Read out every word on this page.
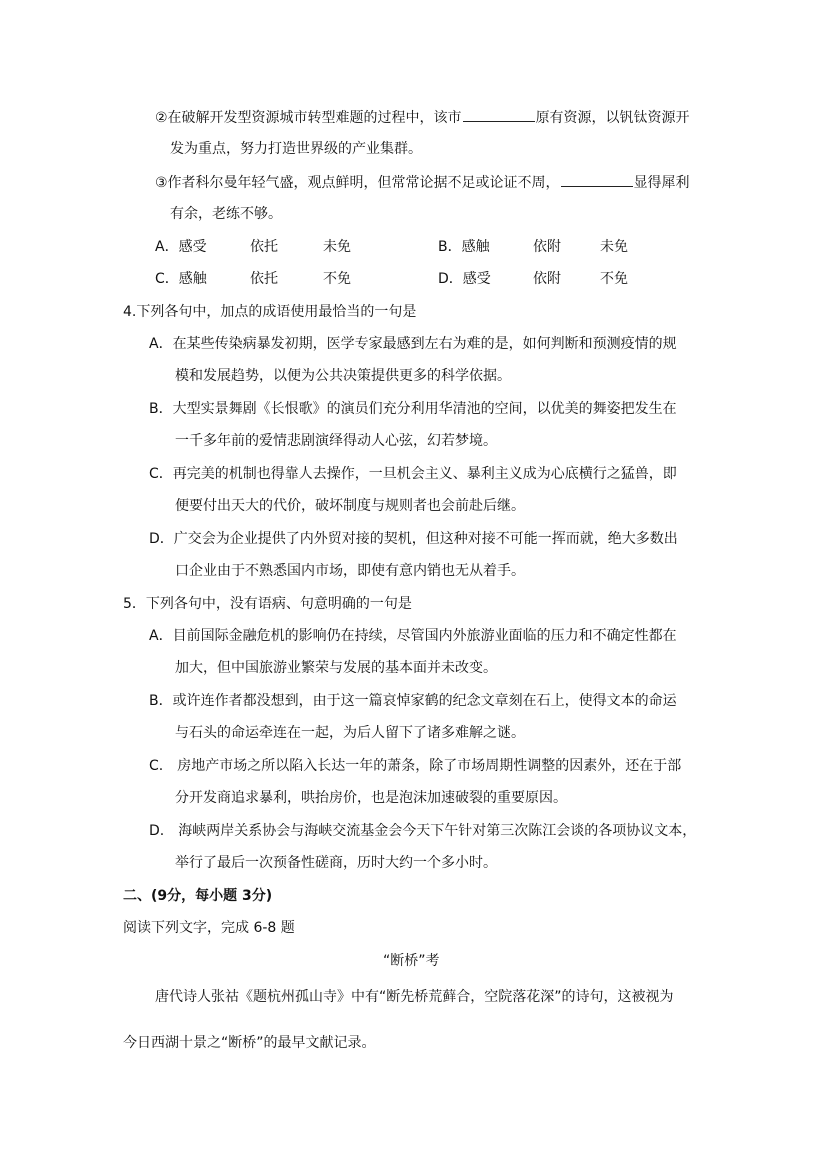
②在破解开发型资源城市转型难题的过程中，该市	原有资源，以钒钛资源开
发为重点，努力打造世界级的产业集群。
③作者科尔曼年轻气盛，观点鲜明，但常常论据不足或论证不周，	显得犀利
有余，老练不够。
A．感受	依托	未免	B．感触	依附	未免
C．感触	依托	不免	D．感受	依附	不免
4.下列各句中，加点的成语使用最恰当的一句是
A．在某些传染病暴发初期，医学专家最感到左右为难的是，如何判断和预测疫情的规
模和发展趋势，以便为公共决策提供更多的科学依据。
B．大型实景舞剧《长恨歌》的演员们充分利用华清池的空间，以优美的舞姿把发生在
一千多年前的爱情悲剧演绎得动人心弦，幻若梦境。
C．再完美的机制也得靠人去操作，一旦机会主义、暴利主义成为心底横行之猛兽，即
便要付出天大的代价，破坏制度与规则者也会前赴后继。
D．广交会为企业提供了内外贸对接的契机，但这种对接不可能一挥而就，绝大多数出
口企业由于不熟悉国内市场，即使有意内销也无从着手。
5．下列各句中，没有语病、句意明确的一句是
A．目前国际金融危机的影响仍在持续，尽管国内外旅游业面临的压力和不确定性都在
加大，但中国旅游业繁荣与发展的基本面并未改变。
B．或许连作者都没想到，由于这一篇哀悼家鹤的纪念文章刻在石上，使得文本的命运
与石头的命运牵连在一起，为后人留下了诸多难解之谜。
C.　房地产市场之所以陷入长达一年的萧条，除了市场周期性调整的因素外，还在于部
分开发商追求暴利，哄抬房价，也是泡沫加速破裂的重要原因。
D.　海峡两岸关系协会与海峡交流基金会今天下午针对第三次陈江会谈的各项协议文本，
举行了最后一次预备性磋商，历时大约一个多小时。
二、(9分，每小题 3分)
阅读下列文字，完成 6-8 题
“断桥”考
唐代诗人张祜《题杭州孤山寺》中有“断先桥荒藓合，空院落花深”的诗句，这被视为
今日西湖十景之“断桥”的最早文献记录。
